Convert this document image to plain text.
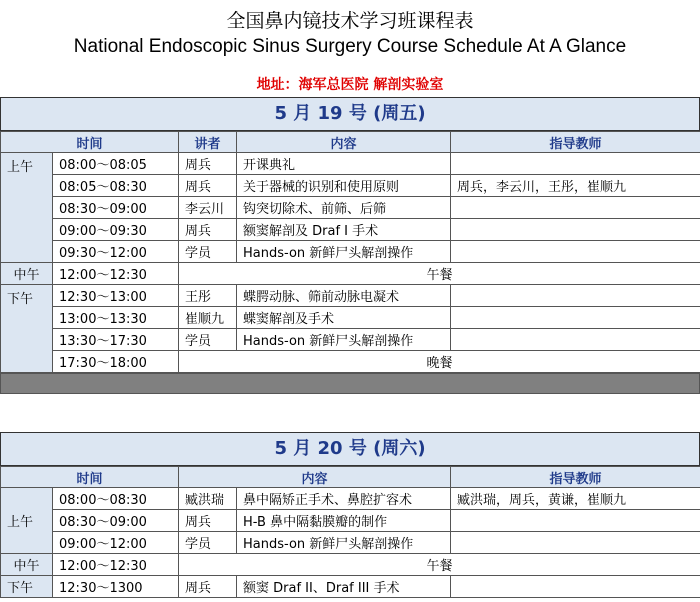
全国鼻内镜技术学习班课程表
National Endoscopic Sinus Surgery Course Schedule At A Glance
地址：海军总医院 解剖实验室
5 月 19 号 (周五)
时间		讲者	内容	指导教师
上午	08:00～08:05	周兵	开课典礼	
	08:05～08:30	周兵	关于器械的识别和使用原则	周兵，李云川，王彤，崔顺九
	08:30～09:00	李云川	钩突切除术、前筛、后筛	
	09:00～09:30	周兵	额窦解剖及 Draf I 手术	
	09:30～12:00	学员	Hands-on 新鲜尸头解剖操作	
中午	12:00～12:30	午餐		
下午	12:30～13:00	王彤	蝶腭动脉、筛前动脉电凝术	
	13:00～13:30	崔顺九	蝶窦解剖及手术	
	13:30～17:30	学员	Hands-on 新鲜尸头解剖操作	
	17:30～18:00	晚餐		
5 月 20 号 (周六)
时间		内容		指导教师
上午	08:00～08:30	臧洪瑞	鼻中隔矫正手术、鼻腔扩容术	臧洪瑞，周兵，黄谦，崔顺九
	08:30～09:00	周兵	H-B 鼻中隔黏膜瓣的制作	
	09:00～12:00	学员	Hands-on 新鲜尸头解剖操作	
中午	12:00～12:30	午餐		
下午	12:30～1300	周兵	额窦 Draf II、Draf III 手术	
